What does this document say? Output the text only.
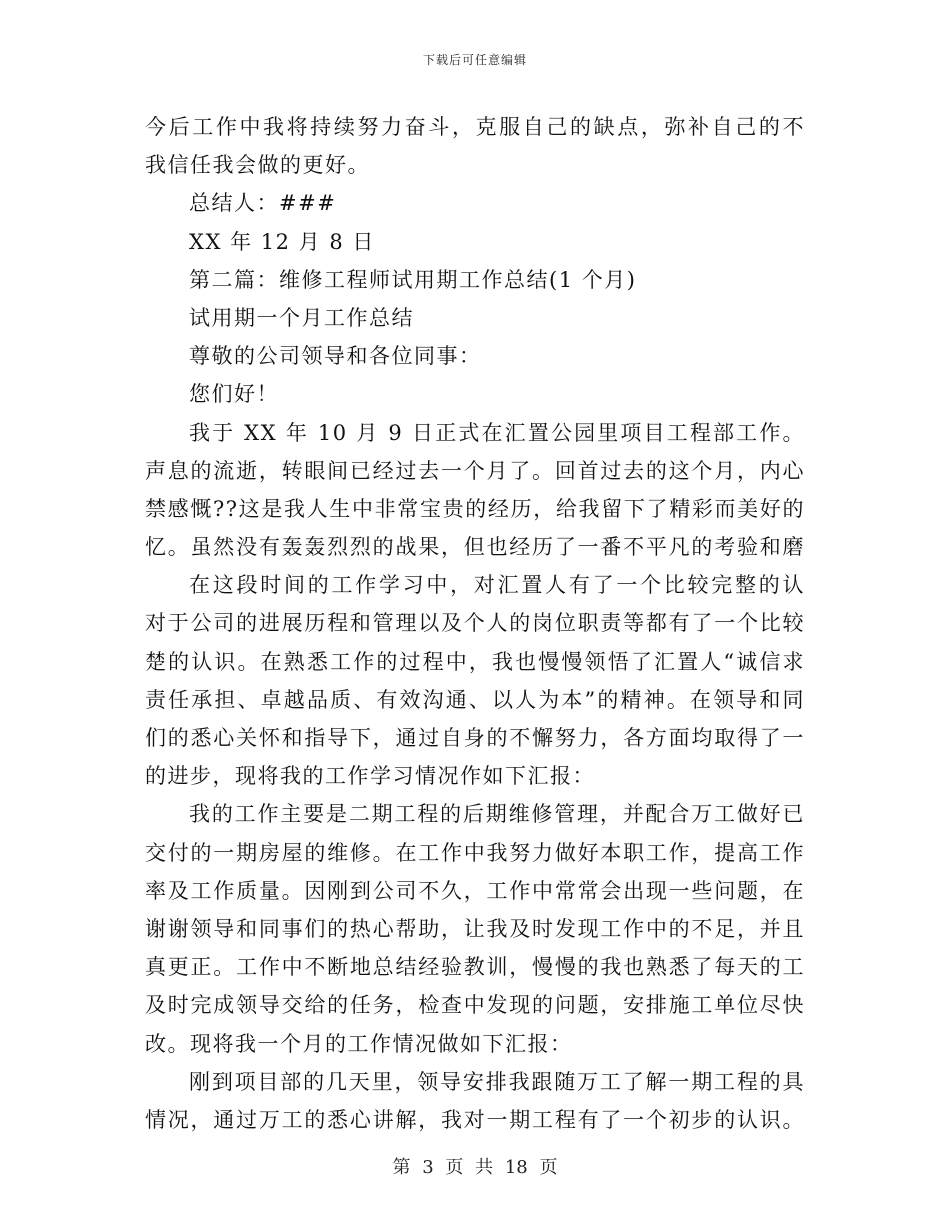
下载后可任意编辑
今后工作中我将持续努力奋斗，克服自己的缺点，弥补自己的不
我信任我会做的更好。
总结人：###
XX 年 12 月 8 日
第二篇：维修工程师试用期工作总结(1 个月)
试用期一个月工作总结
尊敬的公司领导和各位同事：
您们好！
我于 XX 年 10 月 9 日正式在汇置公园里项目工程部工作。
声息的流逝，转眼间已经过去一个月了。回首过去的这个月，内心
禁感慨??这是我人生中非常宝贵的经历，给我留下了精彩而美好的
忆。虽然没有轰轰烈烈的战果，但也经历了一番不平凡的考验和磨
在这段时间的工作学习中，对汇置人有了一个比较完整的认
对于公司的进展历程和管理以及个人的岗位职责等都有了一个比较
楚的认识。在熟悉工作的过程中，我也慢慢领悟了汇置人“诚信求
责任承担、卓越品质、有效沟通、以人为本”的精神。在领导和同
们的悉心关怀和指导下，通过自身的不懈努力，各方面均取得了一
的进步，现将我的工作学习情况作如下汇报：
我的工作主要是二期工程的后期维修管理，并配合万工做好已
交付的一期房屋的维修。在工作中我努力做好本职工作，提高工作
率及工作质量。因刚到公司不久，工作中常常会出现一些问题，在
谢谢领导和同事们的热心帮助，让我及时发现工作中的不足，并且
真更正。工作中不断地总结经验教训，慢慢的我也熟悉了每天的工
及时完成领导交给的任务，检查中发现的问题，安排施工单位尽快
改。现将我一个月的工作情况做如下汇报：
刚到项目部的几天里，领导安排我跟随万工了解一期工程的具
情况，通过万工的悉心讲解，我对一期工程有了一个初步的认识。
第 3 页 共 18 页
